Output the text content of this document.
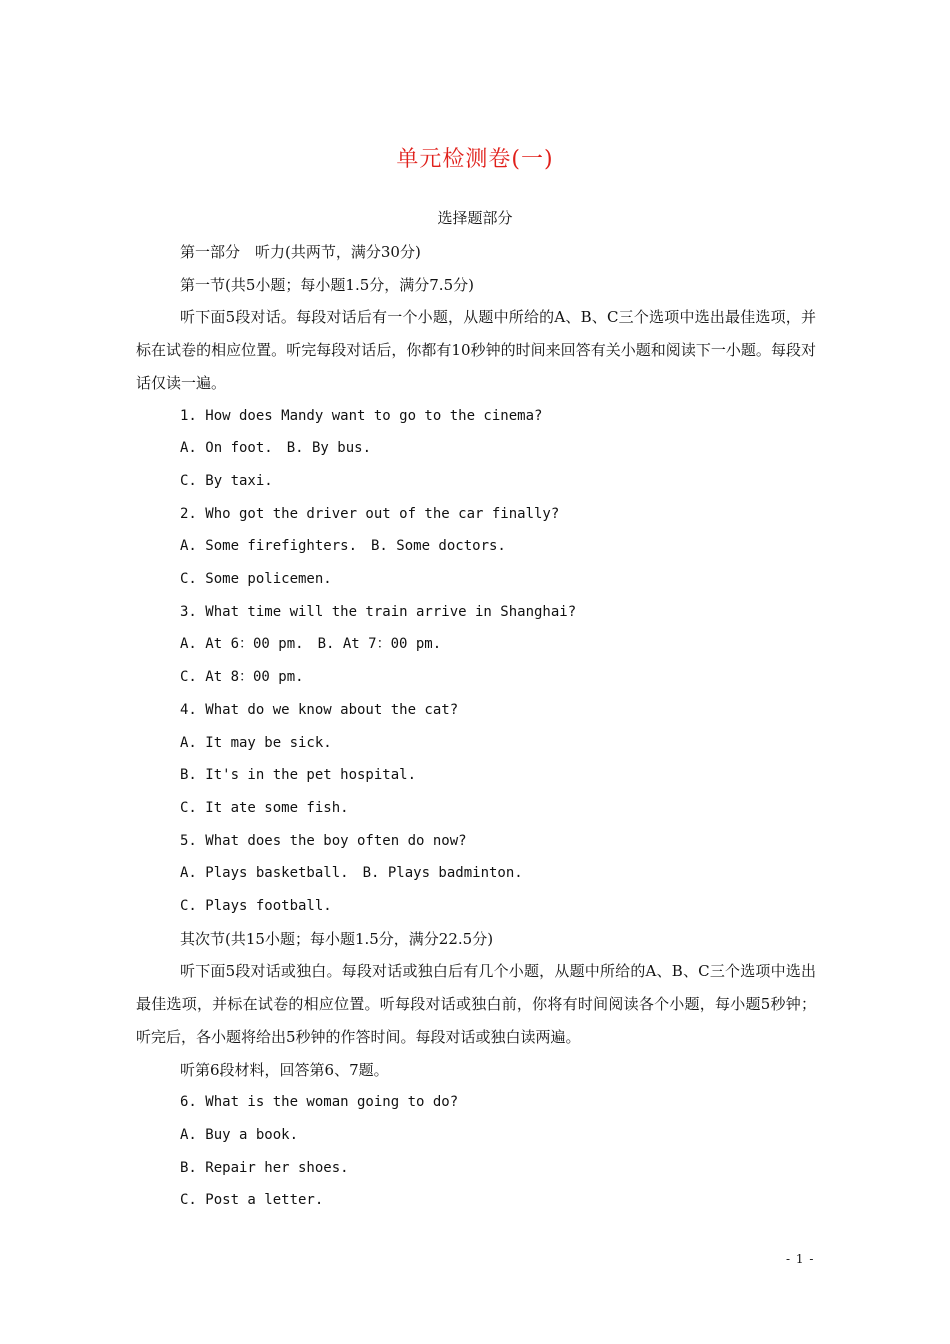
单元检测卷(一)
选择题部分

第一部分　听力(共两节，满分30分)

第一节(共5小题；每小题1.5分，满分7.5分)

听下面5段对话。每段对话后有一个小题，从题中所给的A、B、C三个选项中选出最佳选项，并标在试卷的相应位置。听完每段对话后，你都有10秒钟的时间来回答有关小题和阅读下一小题。每段对话仅读一遍。

1. How does Mandy want to go to the cinema?

A. On foot.　B. By bus.

C. By taxi.

2. Who got the driver out of the car finally?

A. Some firefighters.　B. Some doctors.

C. Some policemen.

3. What time will the train arrive in Shanghai?

A. At 6：00 pm.　B. At 7：00 pm.

C. At 8：00 pm.

4. What do we know about the cat?

A. It may be sick.

B. It's in the pet hospital.

C. It ate some fish.

5. What does the boy often do now?

A. Plays basketball.　B. Plays badminton.

C. Plays football.

其次节(共15小题；每小题1.5分，满分22.5分)

听下面5段对话或独白。每段对话或独白后有几个小题，从题中所给的A、B、C三个选项中选出最佳选项，并标在试卷的相应位置。听每段对话或独白前，你将有时间阅读各个小题，每小题5秒钟；听完后，各小题将给出5秒钟的作答时间。每段对话或独白读两遍。

听第6段材料，回答第6、7题。

6. What is the woman going to do?

A. Buy a book.

B. Repair her shoes.

C. Post a letter.

- 1 -
